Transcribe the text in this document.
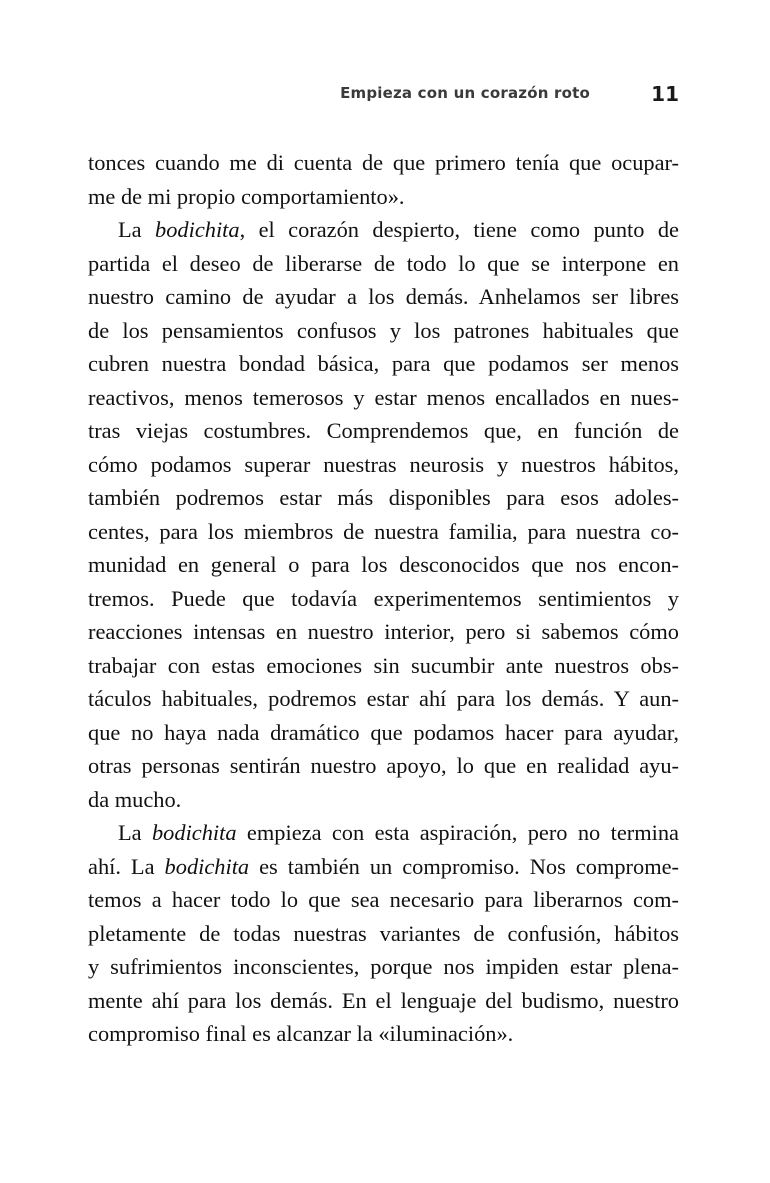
Empieza con un corazón roto	11
tonces cuando me di cuenta de que primero tenía que ocupar-
me de mi propio comportamiento».
La bodichita, el corazón despierto, tiene como punto de
partida el deseo de liberarse de todo lo que se interpone en
nuestro camino de ayudar a los demás. Anhelamos ser libres
de los pensamientos confusos y los patrones habituales que
cubren nuestra bondad básica, para que podamos ser menos
reactivos, menos temerosos y estar menos encallados en nues-
tras viejas costumbres. Comprendemos que, en función de
cómo podamos superar nuestras neurosis y nuestros hábitos,
también podremos estar más disponibles para esos adoles-
centes, para los miembros de nuestra familia, para nuestra co-
munidad en general o para los desconocidos que nos encon-
tremos. Puede que todavía experimentemos sentimientos y
reacciones intensas en nuestro interior, pero si sabemos cómo
trabajar con estas emociones sin sucumbir ante nuestros obs-
táculos habituales, podremos estar ahí para los demás. Y aun-
que no haya nada dramático que podamos hacer para ayudar,
otras personas sentirán nuestro apoyo, lo que en realidad ayu-
da mucho.
La bodichita empieza con esta aspiración, pero no termina
ahí. La bodichita es también un compromiso. Nos comprome-
temos a hacer todo lo que sea necesario para liberarnos com-
pletamente de todas nuestras variantes de confusión, hábitos
y sufrimientos inconscientes, porque nos impiden estar plena-
mente ahí para los demás. En el lenguaje del budismo, nuestro
compromiso final es alcanzar la «iluminación».
